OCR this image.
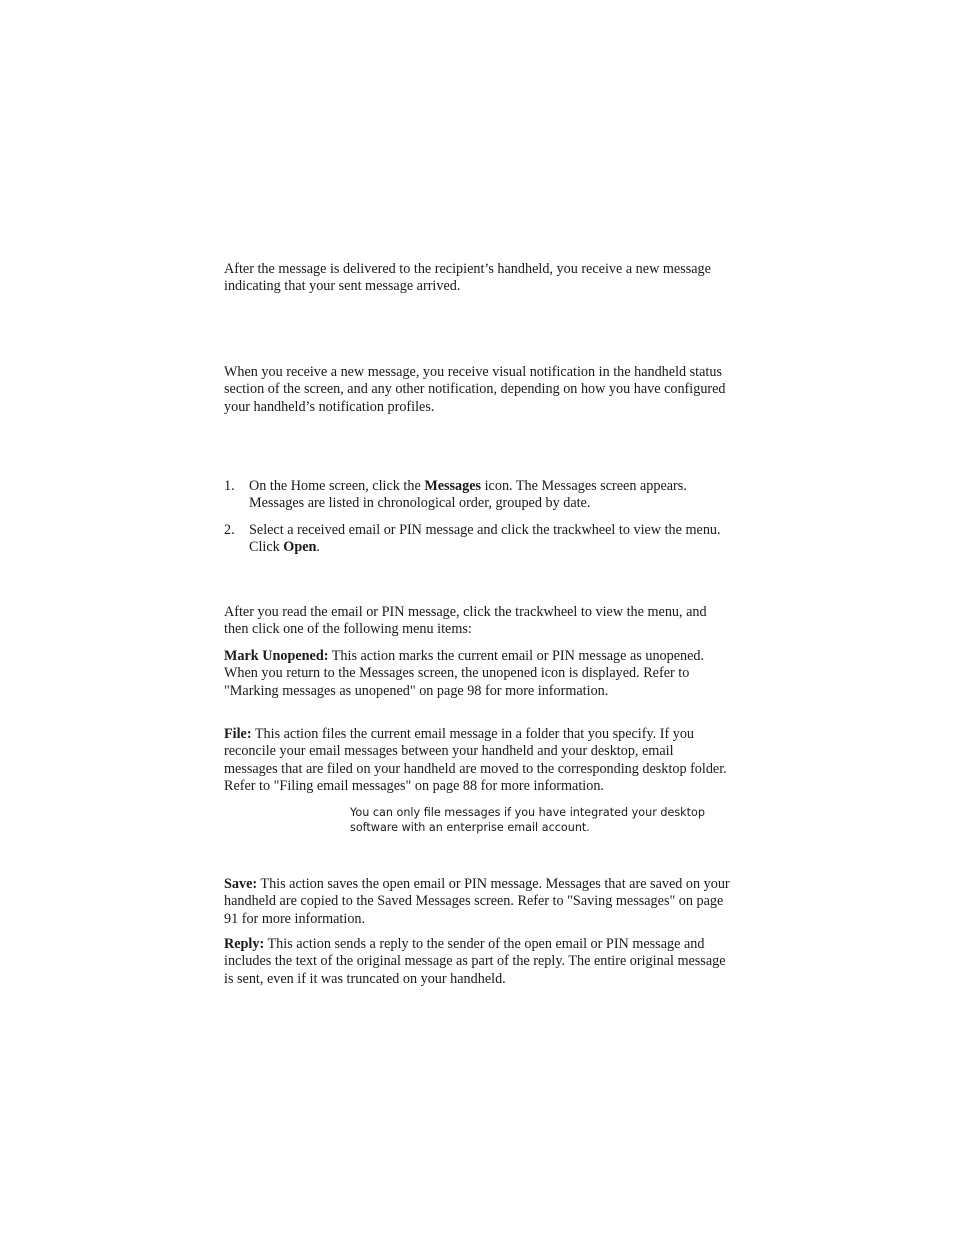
After the message is delivered to the recipient’s handheld, you receive a new message indicating that your sent message arrived.

When you receive a new message, you receive visual notification in the handheld status section of the screen, and any other notification, depending on how you have configured your handheld’s notification profiles.

1. On the Home screen, click the Messages icon. The Messages screen appears. Messages are listed in chronological order, grouped by date.
2. Select a received email or PIN message and click the trackwheel to view the menu. Click Open.

After you read the email or PIN message, click the trackwheel to view the menu, and then click one of the following menu items:

Mark Unopened: This action marks the current email or PIN message as unopened. When you return to the Messages screen, the unopened icon is displayed. Refer to "Marking messages as unopened" on page 98 for more information.

File: This action files the current email message in a folder that you specify. If you reconcile your email messages between your handheld and your desktop, email messages that are filed on your handheld are moved to the corresponding desktop folder. Refer to "Filing email messages" on page 88 for more information.

You can only file messages if you have integrated your desktop software with an enterprise email account.

Save: This action saves the open email or PIN message. Messages that are saved on your handheld are copied to the Saved Messages screen. Refer to "Saving messages" on page 91 for more information.

Reply: This action sends a reply to the sender of the open email or PIN message and includes the text of the original message as part of the reply. The entire original message is sent, even if it was truncated on your handheld.
